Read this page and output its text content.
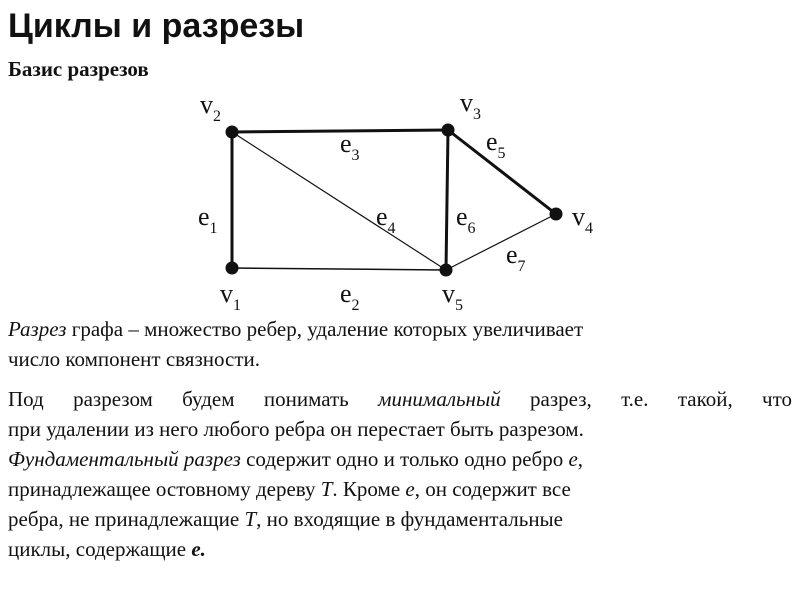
Циклы и разрезы
Базис разрезов
$v_2$	$v_3$
$v_4$
$v_1$	$v_5$
$e_1$
$e_2$
$e_3$
$e_4$
$e_5$
$e_6$
$e_7$

Разрез графа – множество ребер, удаление которых увеличивает
число компонент связности.

Под разрезом будем понимать минимальный разрез, т.е. такой, что
при удалении из него любого ребра он перестает быть разрезом.
Фундаментальный разрез содержит одно и только одно ребро e,
принадлежащее остовному дереву T. Кроме e, он содержит все
ребра, не принадлежащие T, но входящие в фундаментальные
циклы, содержащие e.
